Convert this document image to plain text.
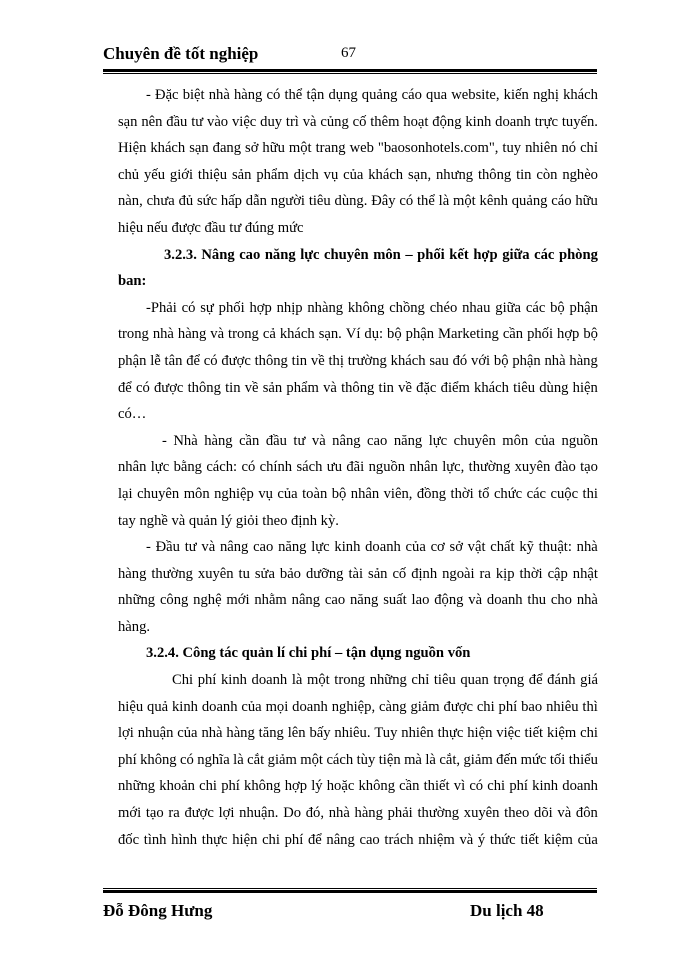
Chuyên đề tốt nghiệp	67
- Đặc biệt nhà hàng có thể tận dụng quảng cáo qua website, kiến nghị khách
sạn nên đầu tư vào việc duy trì và củng cố thêm hoạt động kinh doanh trực tuyến.
Hiện khách sạn đang sở hữu một trang web "baosonhotels.com", tuy nhiên nó chỉ
chủ yếu giới thiệu sản phẩm dịch vụ của khách sạn, nhưng thông tin còn nghèo
nàn, chưa đủ sức hấp dẫn người tiêu dùng. Đây có thể là một kênh quảng cáo hữu
hiệu nếu được đầu tư đúng mức
3.2.3. Nâng cao năng lực chuyên môn – phối kết hợp giữa các phòng
ban:
-Phải có sự phối hợp nhịp nhàng không chồng chéo nhau giữa các bộ phận
trong nhà hàng và trong cả khách sạn. Ví dụ: bộ phận Marketing cần phối hợp bộ
phận lễ tân để có được thông tin về thị trường khách sau đó với bộ phận nhà hàng
để có được thông tin về sản phẩm và thông tin về đặc điểm khách tiêu dùng hiện
có…
- Nhà hàng cần đầu tư và nâng cao năng lực chuyên môn của nguồn
nhân lực bằng cách: có chính sách ưu đãi nguồn nhân lực, thường xuyên đào tạo
lại chuyên môn nghiệp vụ của toàn bộ nhân viên, đồng thời tổ chức các cuộc thi
tay nghề và quản lý giỏi theo định kỳ.
- Đầu tư và nâng cao năng lực kinh doanh của cơ sở vật chất kỹ thuật: nhà
hàng thường xuyên tu sửa bảo dưỡng tài sản cố định ngoài ra kịp thời cập nhật
những công nghệ mới nhằm nâng cao năng suất lao động và doanh thu cho nhà
hàng.
3.2.4. Công tác quản lí chi phí – tận dụng nguồn vốn
Chi phí kinh doanh là một trong những chỉ tiêu quan trọng để đánh giá
hiệu quả kinh doanh của mọi doanh nghiệp, càng giảm được chi phí bao nhiêu thì
lợi nhuận của nhà hàng tăng lên bấy nhiêu. Tuy nhiên thực hiện việc tiết kiệm chi
phí không có nghĩa là cắt giảm một cách tùy tiện mà là cắt, giảm đến mức tối thiểu
những khoản chi phí không hợp lý hoặc không cần thiết vì có chi phí kinh doanh
mới tạo ra được lợi nhuận. Do đó, nhà hàng phải thường xuyên theo dõi và đôn
đốc tình hình thực hiện chi phí để nâng cao trách nhiệm và ý thức tiết kiệm của
Đỗ Đông Hưng	Du lịch 48
